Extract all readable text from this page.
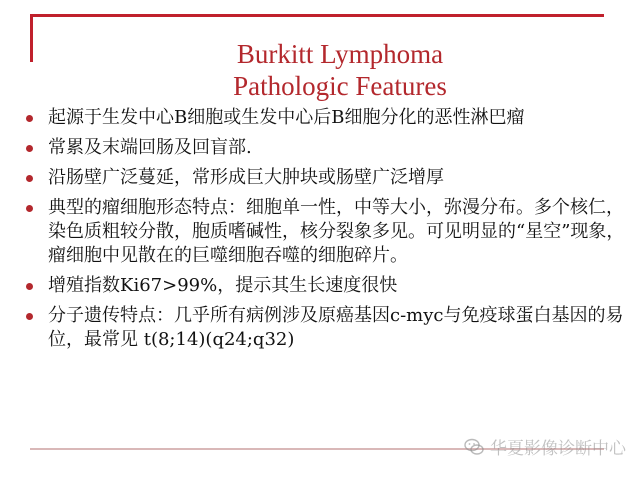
Burkitt Lymphoma
Pathologic Features
起源于生发中心B细胞或生发中心后B细胞分化的恶性淋巴瘤
常累及末端回肠及回盲部.
沿肠壁广泛蔓延，常形成巨大肿块或肠壁广泛增厚
典型的瘤细胞形态特点：细胞单一性，中等大小，弥漫分布。多个核仁，染色质粗较分散，胞质嗜碱性，核分裂象多见。可见明显的“星空”现象，瘤细胞中见散在的巨噬细胞吞噬的细胞碎片。
增殖指数Ki67>99%，提示其生长速度很快
分子遗传特点：几乎所有病例涉及原癌基因c-myc与免疫球蛋白基因的易位，最常见 t(8;14)(q24;q32)
华夏影像诊断中心
